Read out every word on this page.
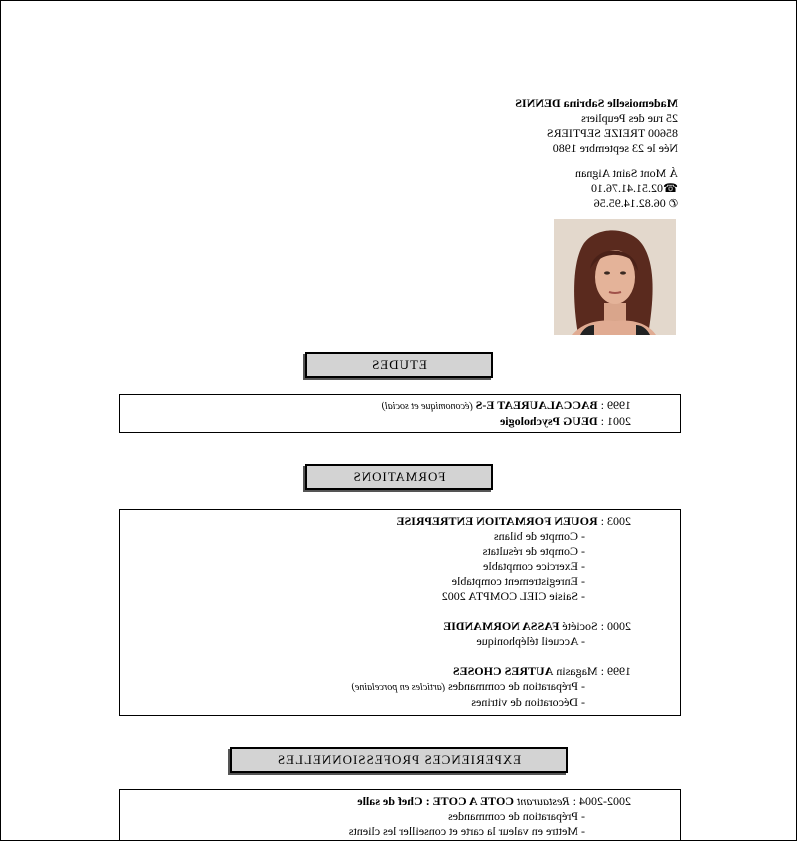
Mademoiselle Sabrina DENNIS
25 rue des Peupliers
85600 TREIZE SEPTIERS
Née le 23 septembre 1980
Á Mont Saint Aignan
☎02.51.41.76.10
✆ 06.82.14.95.56
ETUDES
1999 : BACCALAUREAT E-S (économique et social)
2001 : DEUG Psychologie
FORMATIONS
2003 : ROUEN FORMATION ENTREPRISE
- Compte de bilans
- Compte de résultats
- Exercice comptable
- Enregistrement comptable
- Saisie CIEL COMPTA 2002
2000 : Société FASSA NORMANDIE
- Accueil téléphonique
1999 : Magasin AUTRES CHOSES
- Préparation de commandes (articles en porcelaine)
- Décoration de vitrines
EXPERIENCES PROFESSIONNELLES
2002-2004 : Restaurant COTE A COTE : Chef de salle
- Préparation de commandes
- Mettre en valeur la carte et conseiller les clients
